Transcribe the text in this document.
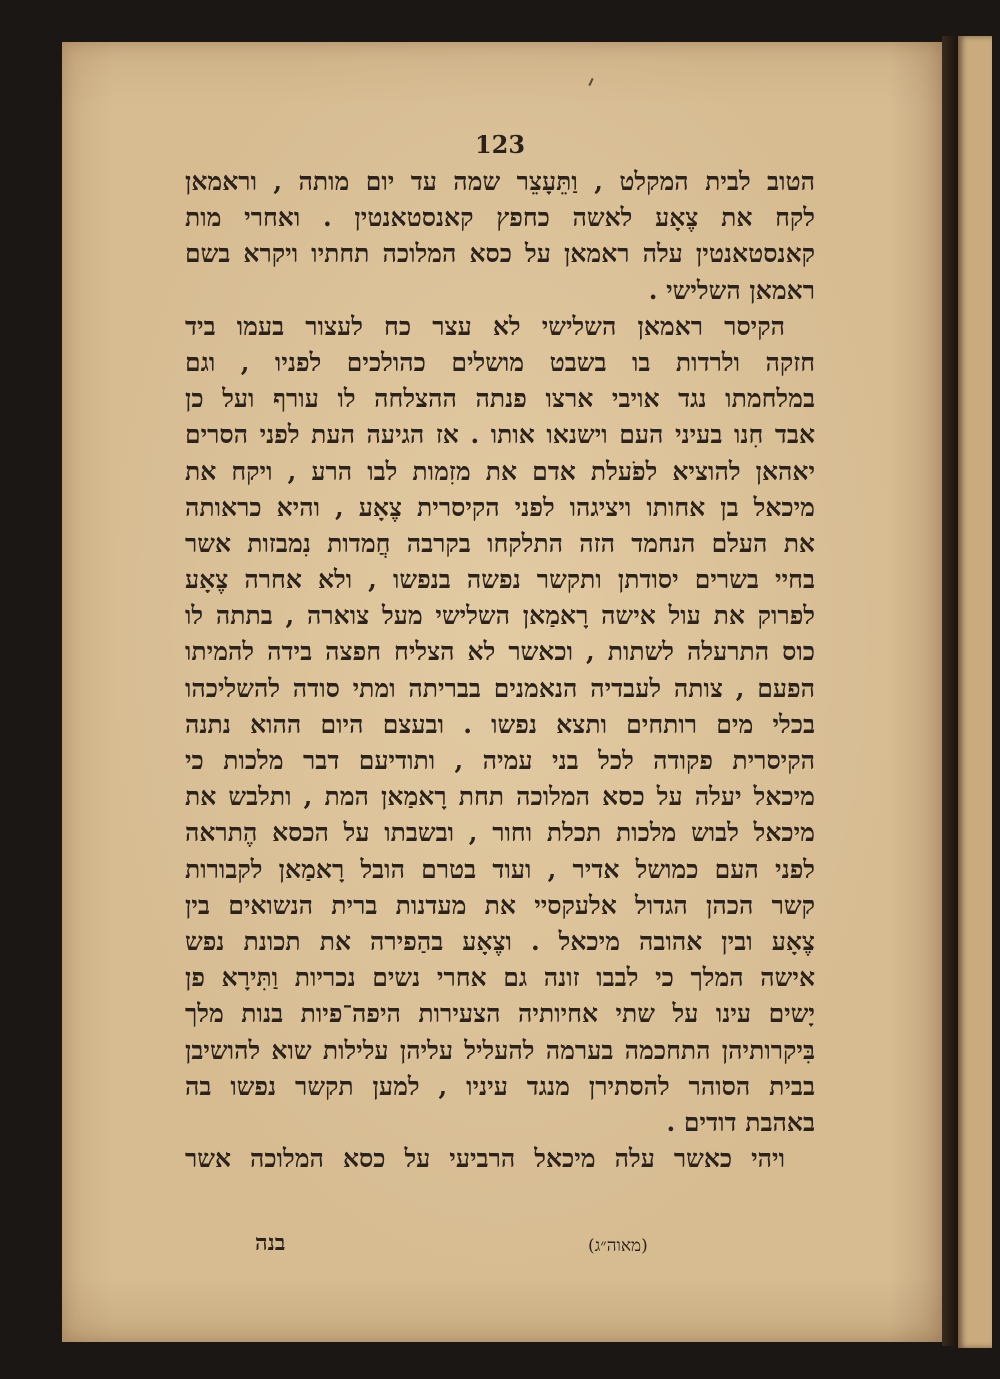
123
הטוב לבית המקלט , וַתֵּעָצֵר שמה עד יום מותה , וראמאן
לקח את צֶאָע לאשה כחפץ קאנסטאנטין . ואחרי מות
קאנסטאנטין עלה ראמאן על כסא המלוכה תחתיו ויקרא בשם
ראמאן השלישי .
הקיסר ראמאן השלישי לא עצר כח לעצור בעמו ביד
חזקה ולרדות בו בשבט מושלים כהולכים לפניו , וגם
במלחמתו נגד אויבי ארצו פנתה ההצלחה לו עורף ועל כן
אבד חִנו בעיני העם וישנאו אותו . אז הגיעה העת לפני הסרים
יאהאן להוציא לפֹעלת אדם את מזִמות לבו הרע , ויקח את
מיכאל בן אחותו ויציגהו לפני הקיסרית צֶאָע , והיא כראותה
את העלם הנחמד הזה התלקחו בקרבה חֲמדות נִמבזות אשר
בחיי בשרים יסודתן ותקשר נפשה בנפשו , ולא אחרה צֶאָע
לפרוק את עול אישה רָאמַאן השלישי מעל צוארה , בתתה לו
כוס התרעלה לשתות , וכאשר לא הצליח חפצה בידה להמיתו
הפעם , צותה לעבדיה הנאמנים בבריתה ומתי סודה להשליכהו
בכלי מים רותחים ותצא נפשו . ובעצם היום ההוא נתנה
הקיסרית פקודה לכל בני עמיה , ותודיעם דבר מלכות כי
מיכאל יעלה על כסא המלוכה תחת רָאמַאן המת , ותלבש את
מיכאל לבוש מלכות תכלת וחור , ובשבתו על הכסא הֶתראה
לפני העם כמושל אדיר , ועוד בטרם הובל רָאמַאן לקבורות
קשר הכהן הגדול אלעקסיי את מעדנות ברית הנשואים בין
צֶאָע ובין אהובה מיכאל . וצֶאָע בהַפירה את תכונת נפש
אישה המלך כי לבבו זונה גם אחרי נשים נכריות וַתִּירָא פן
יָשים עינו על שתי אחיותיה הצעירות היפה־פיות בנות מלך
בִּיקרותיהן התחכמה בערמה להעליל עליהן עלילות שוא להושיבן
בבית הסוהר להסתירן מנגד עיניו , למען תקשר נפשו בה
באהבת דודים .
ויהי כאשר עלה מיכאל הרביעי על כסא המלוכה אשר
בנה	(מאוה״ג)
